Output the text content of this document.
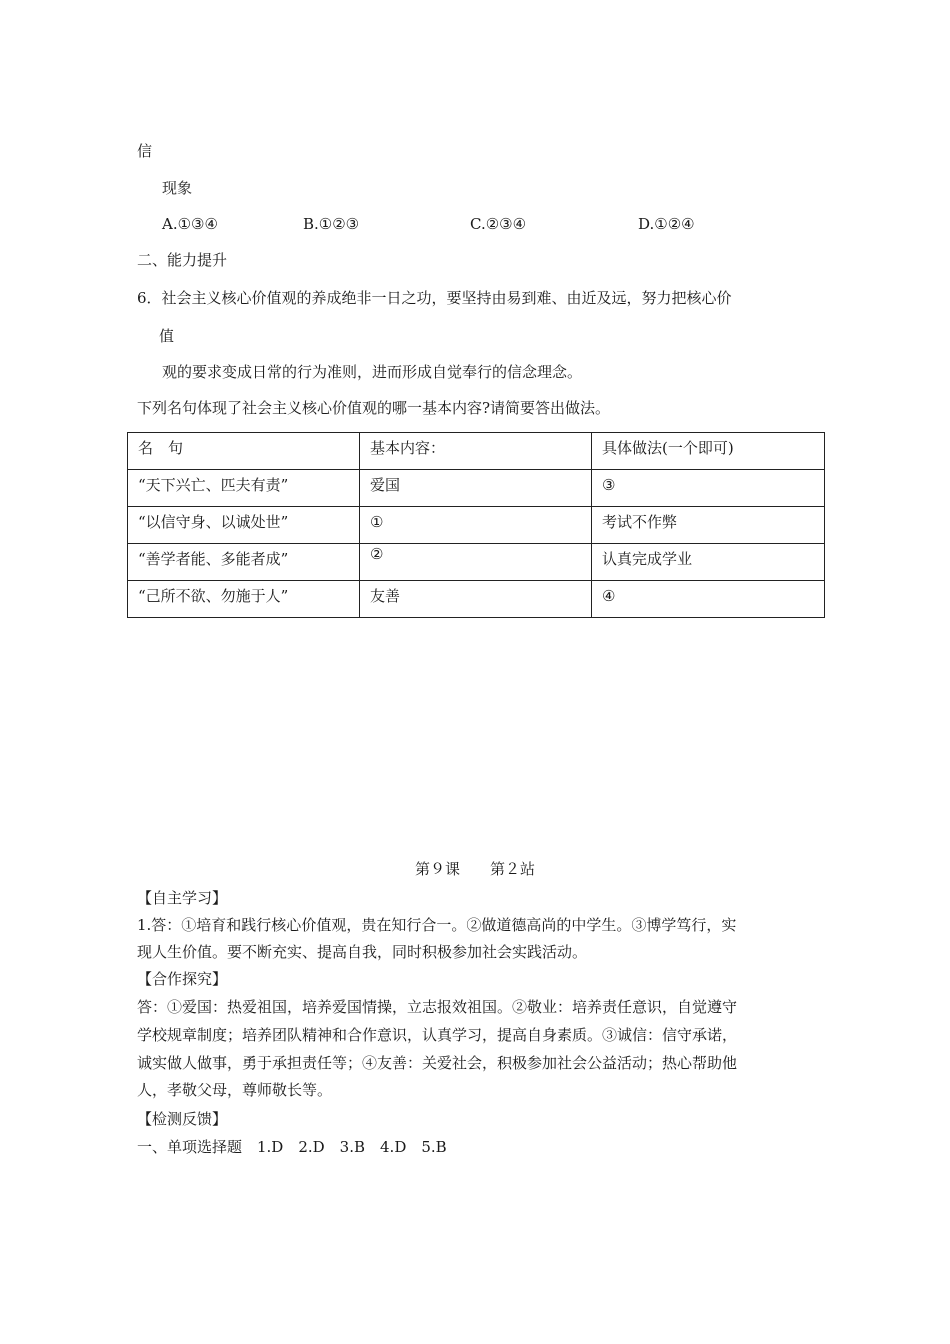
信
现象
A.①③④	B.①②③	C.②③④	D.①②④
二、能力提升
6．社会主义核心价值观的养成绝非一日之功，要坚持由易到难、由近及远，努力把核心价
值
观的要求变成日常的行为准则，进而形成自觉奉行的信念理念。
下列名句体现了社会主义核心价值观的哪一基本内容?请简要答出做法。
名　句	基本内容：	具体做法(一个即可)
“天下兴亡、匹夫有责”	爱国	③
“以信守身、以诚处世”	①	考试不作弊
“善学者能、多能者成”	②	认真完成学业
“己所不欲、勿施于人”	友善	④
第９课　　第２站
【自主学习】
1.答：①培育和践行核心价值观，贵在知行合一。②做道德高尚的中学生。③博学笃行，实
现人生价值。要不断充实、提高自我，同时积极参加社会实践活动。
【合作探究】
答：①爱国：热爱祖国，培养爱国情操，立志报效祖国。②敬业：培养责任意识，自觉遵守
学校规章制度；培养团队精神和合作意识，认真学习，提高自身素质。③诚信：信守承诺，
诚实做人做事，勇于承担责任等；④友善：关爱社会，积极参加社会公益活动；热心帮助他
人，孝敬父母，尊师敬长等。
【检测反馈】
一、单项选择题　1.D　2.D　3.B　4.D　5.B
